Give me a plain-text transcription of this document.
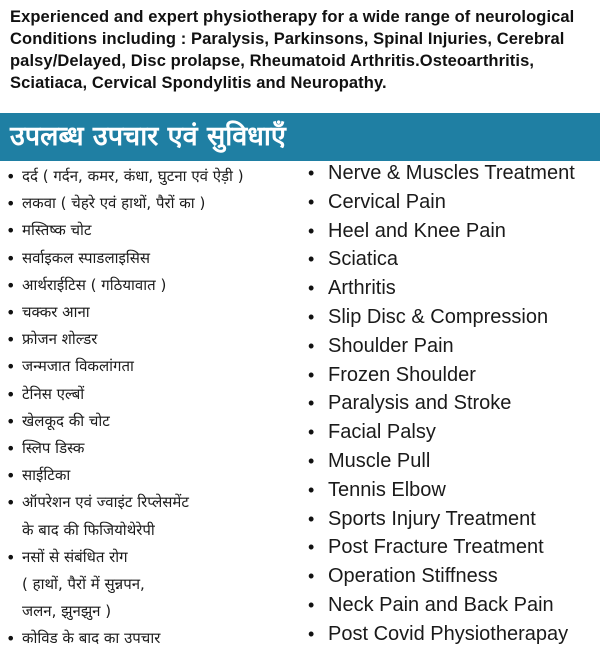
Experienced and expert physiotherapy for a wide range of neurological Conditions including : Paralysis, Parkinsons, Spinal Injuries, Cerebral palsy/Delayed, Disc prolapse, Rheumatoid Arthritis.Osteoarthritis, Sciatiaca, Cervical Spondylitis and Neuropathy.
उपलब्ध उपचार एवं सुविधाएँ
• दर्द ( गर्दन, कमर, कंधा, घुटना एवं ऐड़ी )
• लकवा ( चेहरे एवं हाथों, पैरों का )
• मस्तिष्क चोट
• सर्वाइकल स्पाडलाइसिस
• आर्थराईटिस ( गठियावात )
• चक्कर आना
• फ्रोजन शोल्डर
• जन्मजात विकलांगता
• टेनिस एल्बों
• खेलकूद की चोट
• स्लिप डिस्क
• साईटिका
• ऑपरेशन एवं ज्वाइंट रिप्लेसमेंट
के बाद की फिजियोथेरेपी
• नसों से संबंधित रोग
( हाथों, पैरों में सुन्नपन,
जलन, झुनझुन )
• कोविड के बाद का उपचार
• Nerve & Muscles Treatment
• Cervical Pain
• Heel and Knee Pain
• Sciatica
• Arthritis
• Slip Disc & Compression
• Shoulder Pain
• Frozen Shoulder
• Paralysis and Stroke
• Facial Palsy
• Muscle Pull
• Tennis Elbow
• Sports Injury Treatment
• Post Fracture Treatment
• Operation Stiffness
• Neck Pain and Back Pain
• Post Covid Physiotherapay
